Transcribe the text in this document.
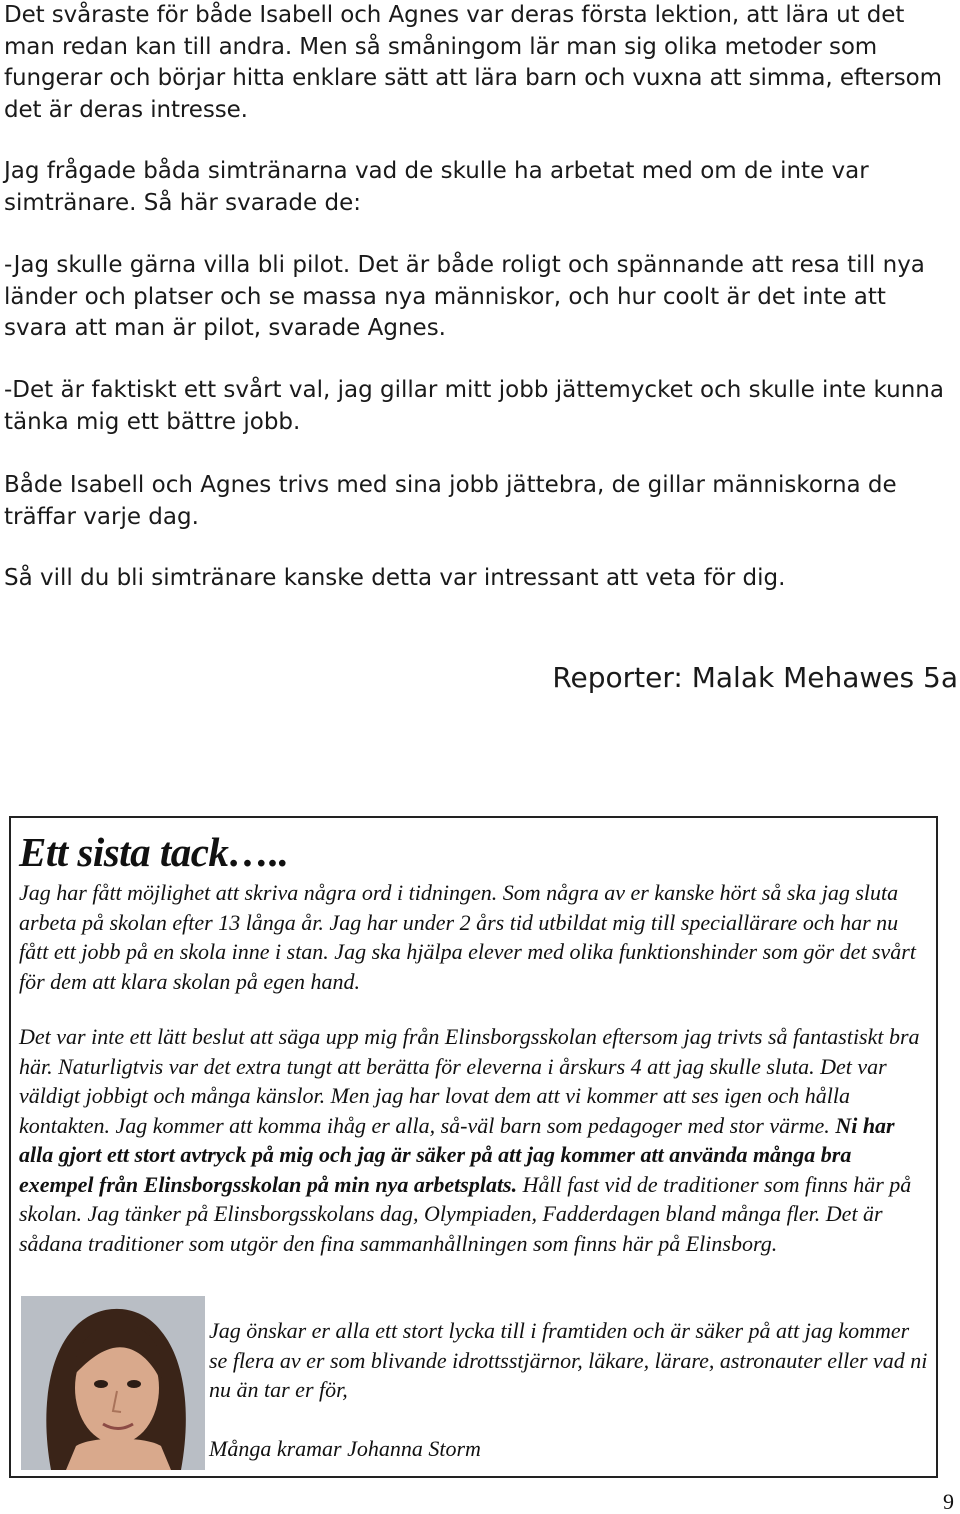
Det svåraste för både Isabell och Agnes var deras första lektion, att lära ut det man redan kan till andra. Men så småningom lär man sig olika metoder som fungerar och börjar hitta enklare sätt att lära barn och vuxna att simma, eftersom det är deras intresse.

Jag frågade båda simtränarna vad de skulle ha arbetat med om de inte var simtränare. Så här svarade de:

-Jag skulle gärna villa bli pilot. Det är både roligt och spännande att resa till nya länder och platser och se massa nya människor, och hur coolt är det inte att svara att man är pilot, svarade Agnes.

-Det är faktiskt ett svårt val, jag gillar mitt jobb jättemycket och skulle inte kunna tänka mig ett bättre jobb.

Både Isabell och Agnes trivs med sina jobb jättebra, de gillar människorna de träffar varje dag.

Så vill du bli simtränare kanske detta var intressant att veta för dig.

Reporter: Malak Mehawes 5a
Ett sista tack…..

Jag har fått möjlighet att skriva några ord i tidningen. Som några av er kanske hört så ska jag sluta arbeta på skolan efter 13 långa år. Jag har under 2 års tid utbildat mig till speciallärare och har nu fått ett jobb på en skola inne i stan. Jag ska hjälpa elever med olika funktionshinder som gör det svårt för dem att klara skolan på egen hand.

Det var inte ett lätt beslut att säga upp mig från Elinsborgsskolan eftersom jag trivts så fantastiskt bra här. Naturligtvis var det extra tungt att berätta för eleverna i årskurs 4 att jag skulle sluta. Det var väldigt jobbigt och många känslor. Men jag har lovat dem att vi kommer att ses igen och hålla kontakten. Jag kommer att komma ihåg er alla, så-väl barn som pedagoger med stor värme. Ni har alla gjort ett stort avtryck på mig och jag är säker på att jag kommer att använda många bra exempel från Elinsborgsskolan på min nya arbetsplats. Håll fast vid de traditioner som finns här på skolan. Jag tänker på Elinsborgsskolans dag, Olympiaden, Fadderdagen bland många fler. Det är sådana traditioner som utgör den fina sammanhållningen som finns här på Elinsborg.

Jag önskar er alla ett stort lycka till i framtiden och är säker på att jag kommer se flera av er som blivande idrottsstjärnor, läkare, lärare, astronauter eller vad ni nu än tar er för,

Många kramar Johanna Storm
9
